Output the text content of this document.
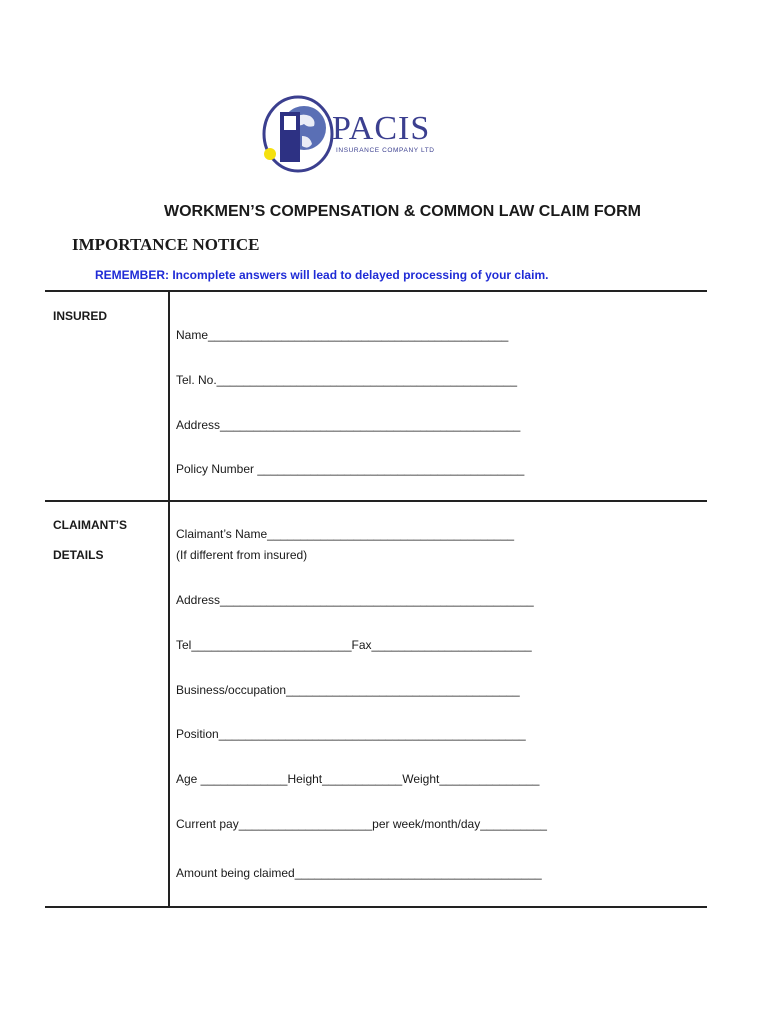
PACIS
INSURANCE COMPANY LTD
WORKMEN’S COMPENSATION & COMMON LAW CLAIM FORM
IMPORTANCE NOTICE
REMEMBER: Incomplete answers will lead to delayed processing of your claim.
INSURED
Name_____________________________________________
Tel. No._____________________________________________
Address_____________________________________________
Policy Number ________________________________________
CLAIMANT’S
DETAILS
Claimant’s Name_____________________________________
(If different from insured)
Address_______________________________________________
Tel________________________Fax________________________
Business/occupation___________________________________
Position______________________________________________
Age _____________Height____________Weight_______________
Current pay____________________per week/month/day__________
Amount being claimed_____________________________________
